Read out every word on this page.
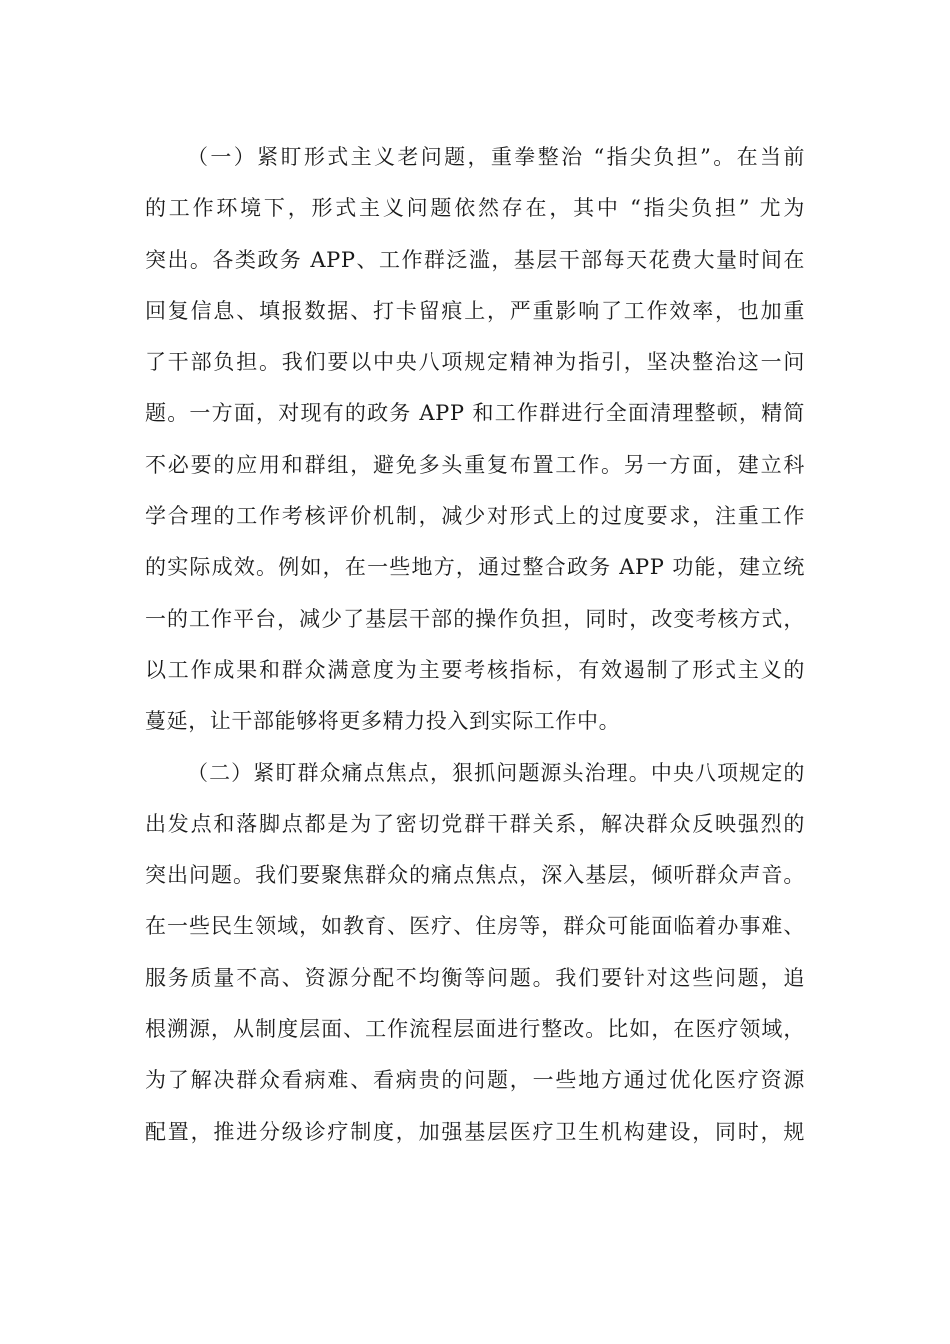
（一）紧盯形式主义老问题，重拳整治 “指尖负担”。在当前
的工作环境下，形式主义问题依然存在，其中 “指尖负担” 尤为
突出。各类政务 APP、工作群泛滥，基层干部每天花费大量时间在
回复信息、填报数据、打卡留痕上，严重影响了工作效率，也加重
了干部负担。我们要以中央八项规定精神为指引，坚决整治这一问
题。一方面，对现有的政务 APP 和工作群进行全面清理整顿，精简
不必要的应用和群组，避免多头重复布置工作。另一方面，建立科
学合理的工作考核评价机制，减少对形式上的过度要求，注重工作
的实际成效。例如，在一些地方，通过整合政务 APP 功能，建立统
一的工作平台，减少了基层干部的操作负担，同时，改变考核方式，
以工作成果和群众满意度为主要考核指标，有效遏制了形式主义的
蔓延，让干部能够将更多精力投入到实际工作中。
（二）紧盯群众痛点焦点，狠抓问题源头治理。中央八项规定的
出发点和落脚点都是为了密切党群干群关系，解决群众反映强烈的
突出问题。我们要聚焦群众的痛点焦点，深入基层，倾听群众声音。
在一些民生领域，如教育、医疗、住房等，群众可能面临着办事难、
服务质量不高、资源分配不均衡等问题。我们要针对这些问题，追
根溯源，从制度层面、工作流程层面进行整改。比如，在医疗领域，
为了解决群众看病难、看病贵的问题，一些地方通过优化医疗资源
配置，推进分级诊疗制度，加强基层医疗卫生机构建设，同时，规
